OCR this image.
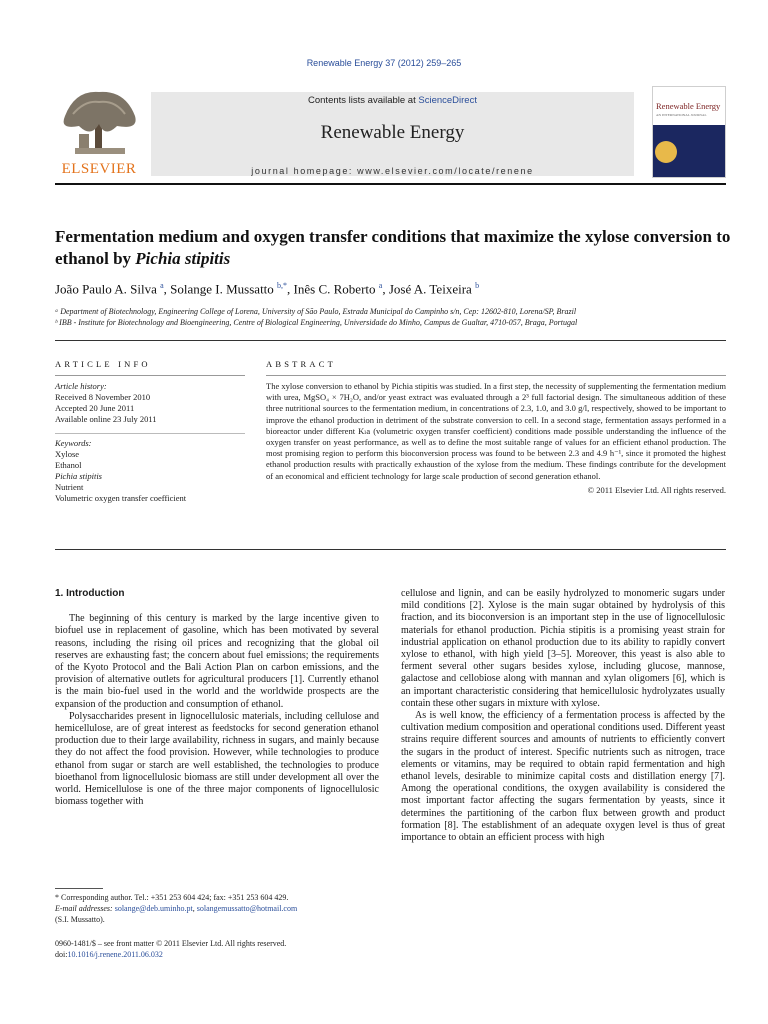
Renewable Energy 37 (2012) 259–265
ELSEVIER
Contents lists available at ScienceDirect
Renewable Energy
journal homepage: www.elsevier.com/locate/renene
Renewable Energy
AN INTERNATIONAL JOURNAL
Fermentation medium and oxygen transfer conditions that maximize the xylose conversion to ethanol by Pichia stipitis
João Paulo A. Silva $^a$, Solange I. Mussatto $^{b,*}$, Inês C. Roberto $^a$, José A. Teixeira $^b$
ᵃ Department of Biotechnology, Engineering College of Lorena, University of São Paulo, Estrada Municipal do Campinho s/n, Cep: 12602-810, Lorena/SP, Brazil
ᵇ IBB - Institute for Biotechnology and Bioengineering, Centre of Biological Engineering, Universidade do Minho, Campus de Gualtar, 4710-057, Braga, Portugal
ARTICLE INFO	ABSTRACT
Article history:
Received 8 November 2010
Accepted 20 June 2011
Available online 23 July 2011
Keywords:
Xylose
Ethanol
Pichia stipitis
Nutrient
Volumetric oxygen transfer coefficient
The xylose conversion to ethanol by Pichia stipitis was studied. In a first step, the necessity of supplementing the fermentation medium with urea, MgSO₄ × 7H₂O, and/or yeast extract was evaluated through a 2³ full factorial design. The simultaneous addition of these three nutritional sources to the fermentation medium, in concentrations of 2.3, 1.0, and 3.0 g/l, respectively, showed to be important to improve the ethanol production in detriment of the substrate conversion to cell. In a second stage, fermentation assays performed in a bioreactor under different Kₗa (volumetric oxygen transfer coefficient) conditions made possible understanding the influence of the oxygen transfer on yeast performance, as well as to define the most suitable range of values for an efficient ethanol production. The most promising region to perform this bioconversion process was found to be between 2.3 and 4.9 h⁻¹, since it promoted the highest ethanol production results with practically exhaustion of the xylose from the medium. These findings contribute for the development of an economical and efficient technology for large scale production of second generation ethanol.
© 2011 Elsevier Ltd. All rights reserved.
1. Introduction

The beginning of this century is marked by the large incentive given to biofuel use in replacement of gasoline, which has been motivated by several reasons, including the rising oil prices and recognizing that the global oil reserves are exhausting fast; the concern about fuel emissions; the requirements of the Kyoto Protocol and the Bali Action Plan on carbon emissions, and the provision of alternative outlets for agricultural producers [1]. Currently ethanol is the main bio-fuel used in the world and the worldwide prospects are the expansion of the production and consumption of ethanol.

Polysaccharides present in lignocellulosic materials, including cellulose and hemicellulose, are of great interest as feedstocks for second generation ethanol production due to their large availability, richness in sugars, and mainly because they do not affect the food provision. However, while technologies to produce ethanol from sugar or starch are well established, the technologies to produce bioethanol from lignocellulosic biomass are still under development all over the world. Hemicellulose is one of the three major components of lignocellulosic biomass together with

cellulose and lignin, and can be easily hydrolyzed to monomeric sugars under mild conditions [2]. Xylose is the main sugar obtained by hydrolysis of this fraction, and its bioconversion is an important step in the use of lignocellulosic materials for ethanol production. Pichia stipitis is a promising yeast strain for industrial application on ethanol production due to its ability to rapidly convert xylose to ethanol, with high yield [3–5]. Moreover, this yeast is also able to ferment several other sugars besides xylose, including glucose, mannose, galactose and cellobiose along with mannan and xylan oligomers [6], which is an important characteristic considering that hemicellulosic hydrolyzates usually contain these other sugars in mixture with xylose.

As is well know, the efficiency of a fermentation process is affected by the cultivation medium composition and operational conditions used. Different yeast strains require different sources and amounts of nutrients to efficiently convert the sugars in the product of interest. Specific nutrients such as nitrogen, trace elements or vitamins, may be required to obtain rapid fermentation and high ethanol levels, desirable to minimize capital costs and distillation energy [7]. Among the operational conditions, the oxygen availability is considered the most important factor affecting the sugars fermentation by yeasts, since it determines the partitioning of the carbon flux between growth and product formation [8]. The establishment of an adequate oxygen level is thus of great importance to obtain an efficient process with high

* Corresponding author. Tel.: +351 253 604 424; fax: +351 253 604 429.
E-mail addresses: solange@deb.uminho.pt, solangemussatto@hotmail.com
(S.I. Mussatto).
0960-1481/$ – see front matter © 2011 Elsevier Ltd. All rights reserved.
doi:10.1016/j.renene.2011.06.032
